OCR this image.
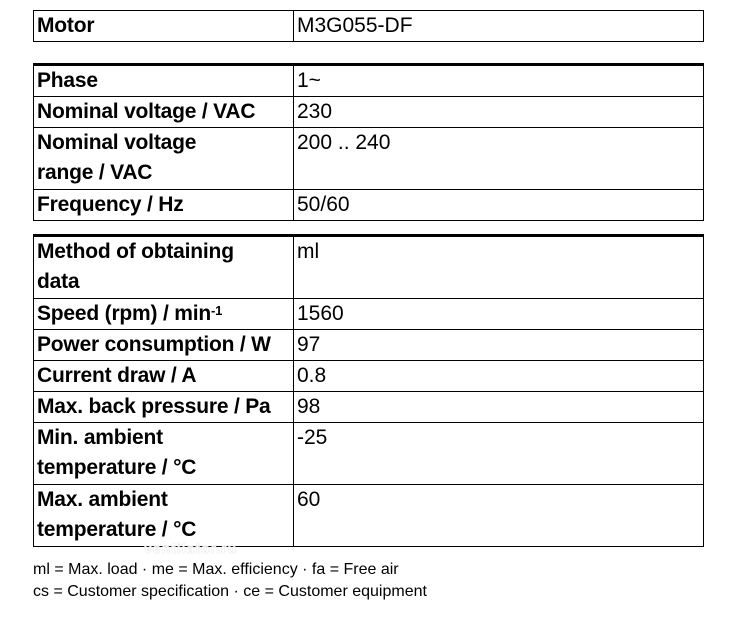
Motor	M3G055-DF
Phase	1~
Nominal voltage / VAC	230

Nominal voltage
range / VAC	200 .. 240
Frequency / Hz	50/60
Method of obtaining
data	ml
Speed $(rpm) / \min^{-1}$	1560
Power consumption / W	97
Current draw / A	0.8
Max. back pressure / Pa	98

Min. ambient
temperature / °C	-25

Max. ambient
temperature / °C	60
ventilator.ru
ml = Max. load · me = Max. efficiency · fa = Free air
cs = Customer specification · ce = Customer equipment
